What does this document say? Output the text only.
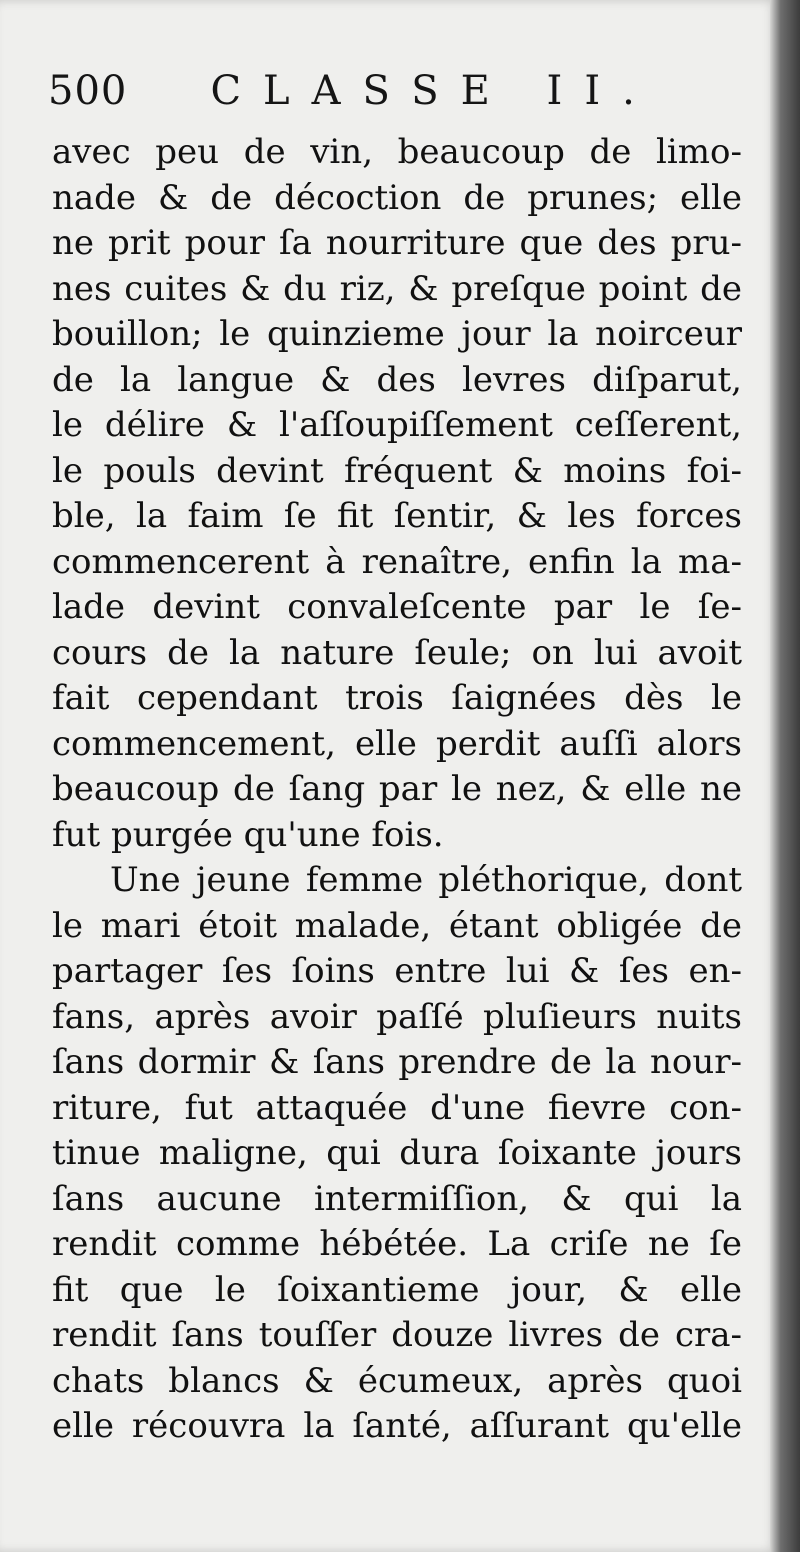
500 CLASSE II.
avec peu de vin, beaucoup de limo-
nade & de décoction de prunes; elle
ne prit pour ſa nourriture que des pru-
nes cuites & du riz, & preſque point de
bouillon; le quinzieme jour la noirceur
de la langue & des levres diſparut,
le délire & l'aſſoupiſſement ceſſerent,
le pouls devint fréquent & moins foi-
ble, la faim ſe fit ſentir, & les forces
commencerent à renaître, enfin la ma-
lade devint convaleſcente par le ſe-
cours de la nature ſeule; on lui avoit
fait cependant trois ſaignées dès le
commencement, elle perdit auſſi alors
beaucoup de ſang par le nez, & elle ne
fut purgée qu'une fois.
Une jeune femme pléthorique, dont
le mari étoit malade, étant obligée de
partager ſes ſoins entre lui & ſes en-
fans, après avoir paſſé pluſieurs nuits
ſans dormir & ſans prendre de la nour-
riture, fut attaquée d'une fievre con-
tinue maligne, qui dura ſoixante jours
ſans aucune intermiſſion, & qui la
rendit comme hébétée. La criſe ne ſe
fit que le ſoixantieme jour, & elle
rendit ſans touſſer douze livres de cra-
chats blancs & écumeux, après quoi
elle récouvra la ſanté, aſſurant qu'elle
